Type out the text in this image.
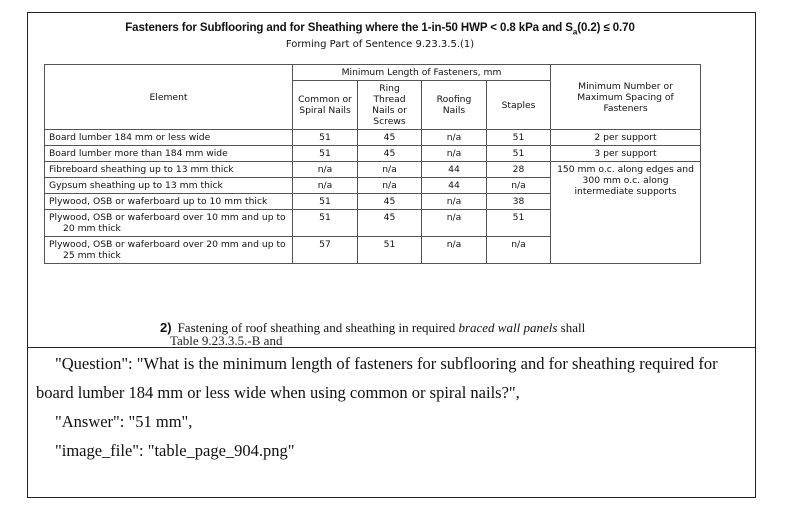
Fasteners for Subflooring and for Sheathing where the 1-in-50 HWP < 0.8 kPa and $S_a(0.2) \le 0.70$
Forming Part of Sentence 9.23.3.5.(1)
Element	Minimum Length of Fasteners, mm				Minimum Number or Maximum Spacing of Fasteners	
	Common or Spiral Nails	Ring Thread Nails or Screws	Roofing Nails	Staples		
Board lumber 184 mm or less wide	51	45	n/a	51	2 per support	
Board lumber more than 184 mm wide	51	45	n/a	51	3 per support	
Fibreboard sheathing up to 13 mm thick	n/a	n/a	44	28	150 mm o.c. along edges and 300 mm o.c. along intermediate supports	
Gypsum sheathing up to 13 mm thick	n/a	n/a	44	n/a		
Plywood, OSB or waferboard up to 10 mm thick	51	45	n/a	38		
Plywood, OSB or waferboard over 10 mm and up to
20 mm thick	51	45	n/a	51		
Plywood, OSB or waferboard over 20 mm and up to
25 mm thick	57	51	n/a	n/a		
2) Fastening of roof sheathing and sheathing in required braced wall panels shall
Table 9.23.3.5.-B and
"Question": "What is the minimum length of fasteners for subflooring and for sheathing required for
board lumber 184 mm or less wide when using common or spiral nails?",
"Answer": "51 mm",
"image_file": "table_page_904.png"
